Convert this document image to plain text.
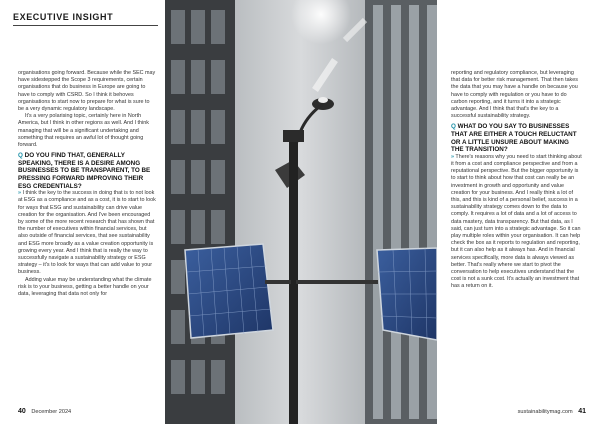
EXECUTIVE INSIGHT

organisations going forward. Because while the SEC may have sidestepped the Scope 3 requirements, certain organisations that do business in Europe are going to have to comply with CSRD. So I think it behoves organisations to start now to prepare for what is sure to be a very dynamic regulatory landscape.

It's a very polarising topic, certainly here in North America, but I think in other regions as well. And I think managing that will be a significant undertaking and something that requires an awful lot of thought going forward.

Q DO YOU FIND THAT, GENERALLY SPEAKING, THERE IS A DESIRE AMONG BUSINESSES TO BE TRANSPARENT, TO BE PRESSING FORWARD IMPROVING THEIR ESG CREDENTIALS?

» I think the key to the success in doing that is to not look at ESG as a compliance and as a cost, it is to start to look for ways that ESG and sustainability can drive value creation for the organisation. And I've been encouraged by some of the more recent research that has shown that the number of executives within financial services, but also outside of financial services, that see sustainability and ESG more broadly as a value creation opportunity is growing every year. And I think that is really the way to successfully navigate a sustainability strategy or ESG strategy – it's to look for ways that can add value to your business.

Adding value may be understanding what the climate risk is to your business, getting a better handle on your data, leveraging that data not only for

reporting and regulatory compliance, but leveraging that data for better risk management. That then takes the data that you may have a handle on because you have to comply with regulation or you have to do carbon reporting, and it turns it into a strategic advantage. And I think that that's the key to a successful sustainability strategy.

Q WHAT DO YOU SAY TO BUSINESSES THAT ARE EITHER A TOUCH RELUCTANT OR A LITTLE UNSURE ABOUT MAKING THE TRANSITION?

» There's reasons why you need to start thinking about it from a cost and compliance perspective and from a reputational perspective. But the bigger opportunity is to start to think about how that cost can really be an investment in growth and opportunity and value creation for your business. And I really think a lot of this, and this is kind of a personal belief, success in a sustainability strategy comes down to the data to comply. It requires a lot of data and a lot of access to data mastery, data transparency. But that data, as I said, can just turn into a strategic advantage. So it can play multiple roles within your organisation. It can help check the box as it reports to regulation and reporting, but it can also help as it always has. And in financial services specifically, more data is always viewed as better. That's really where we start to pivot the conversation to help executives understand that the cost is not a sunk cost. It's actually an investment that has a return on it.

40 December 2024	sustainabilitymag.com 41
